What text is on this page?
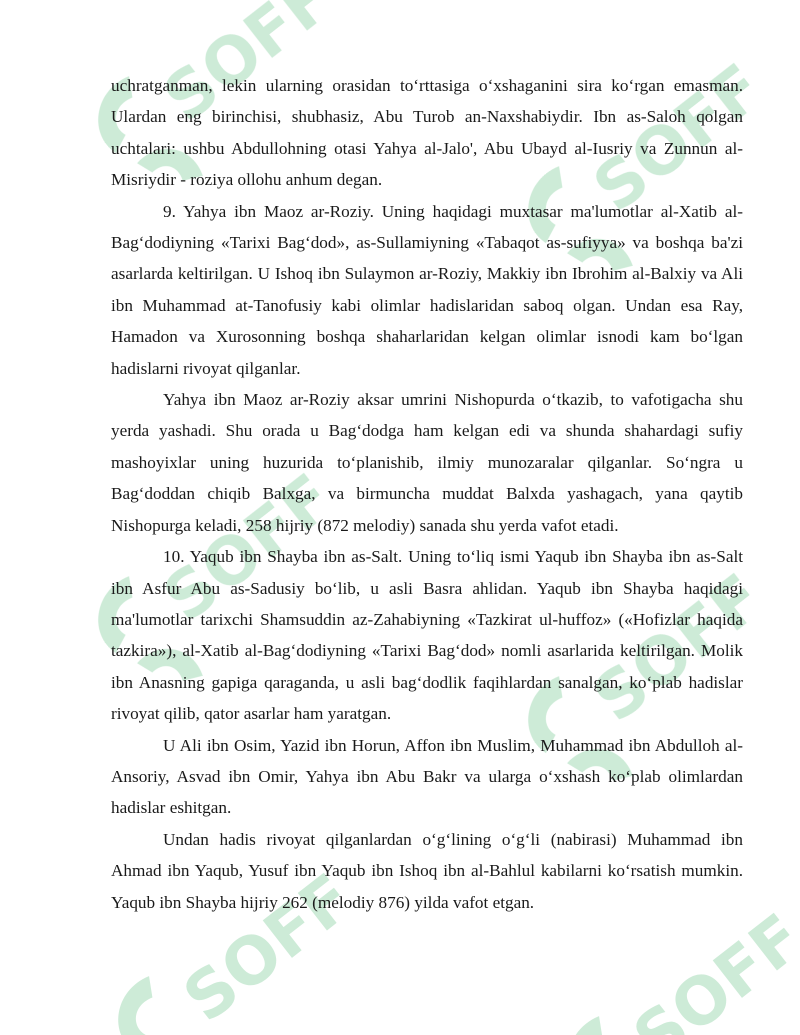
SOFF

uchratganman, lekin ularning orasidan to‘rttasiga o‘xshaganini sira ko‘rgan emasman. Ulardan eng birinchisi, shubhasiz, Abu Turob an-Naxshabiydir. Ibn as-Saloh qolgan uchtalari: ushbu Abdullohning otasi Yahya al-Jalo', Abu Ubayd al-Iusriy va Zunnun al-Misriydir - roziya ollohu anhum degan.

9. Yahya ibn Maoz ar-Roziy. Uning haqidagi muxtasar ma'lumotlar al-Xatib al-Bag‘dodiyning «Tarixi Bag‘dod», as-Sullamiyning «Tabaqot as-sufiyya» va boshqa ba'zi asarlarda keltirilgan. U Ishoq ibn Sulaymon ar-Roziy, Makkiy ibn Ibrohim al-Balxiy va Ali ibn Muhammad at-Tanofusiy kabi olimlar hadislaridan saboq olgan. Undan esa Ray, Hamadon va Xurosonning boshqa shaharlaridan kelgan olimlar isnodi kam bo‘lgan hadislarni rivoyat qilganlar.

Yahya ibn Maoz ar-Roziy aksar umrini Nishopurda o‘tkazib, to vafotigacha shu yerda yashadi. Shu orada u Bag‘dodga ham kelgan edi va shunda shahardagi sufiy mashoyixlar uning huzurida to‘planishib, ilmiy munozaralar qilganlar. So‘ngra u Bag‘doddan chiqib Balxga, va birmuncha muddat Balxda yashagach, yana qaytib Nishopurga keladi, 258 hijriy (872 melodiy) sanada shu yerda vafot etadi.

10. Yaqub ibn Shayba ibn as-Salt. Uning to‘liq ismi Yaqub ibn Shayba ibn as-Salt ibn Asfur Abu as-Sadusiy bo‘lib, u asli Basra ahlidan. Yaqub ibn Shayba haqidagi ma'lumotlar tarixchi Shamsuddin az-Zahabiyning «Tazkirat ul-huffoz» («Hofizlar haqida tazkira»), al-Xatib al-Bag‘dodiyning «Tarixi Bag‘dod» nomli asarlarida keltirilgan. Molik ibn Anasning gapiga qaraganda, u asli bag‘dodlik faqihlardan sanalgan, ko‘plab hadislar rivoyat qilib, qator asarlar ham yaratgan.

U Ali ibn Osim, Yazid ibn Horun, Affon ibn Muslim, Muhammad ibn Abdulloh al-Ansoriy, Asvad ibn Omir, Yahya ibn Abu Bakr va ularga o‘xshash ko‘plab olimlardan hadislar eshitgan.

Undan hadis rivoyat qilganlardan o‘g‘lining o‘g‘li (nabirasi) Muhammad ibn Ahmad ibn Yaqub, Yusuf ibn Yaqub ibn Ishoq ibn al-Bahlul kabilarni ko‘rsatish mumkin. Yaqub ibn Shayba hijriy 262 (melodiy 876) yilda vafot etgan.
